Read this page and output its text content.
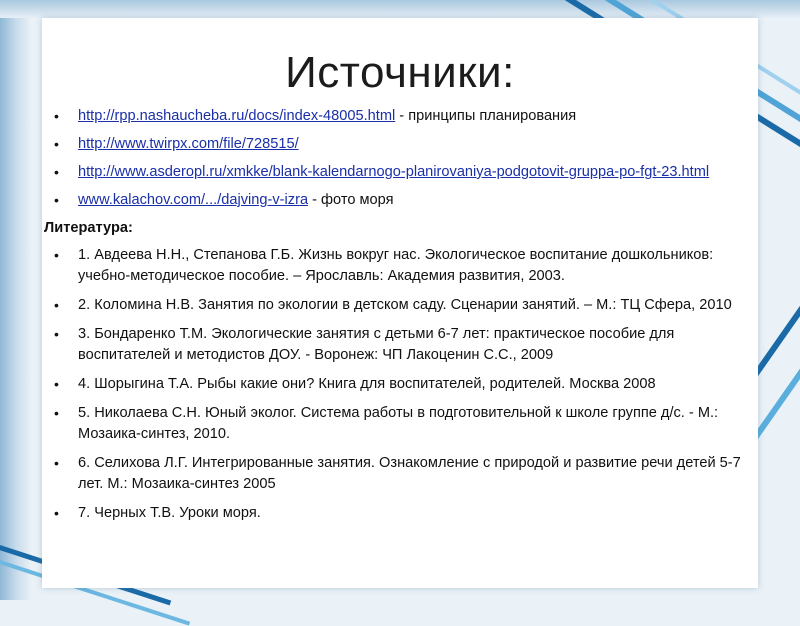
Источники:
• http://rpp.nashaucheba.ru/docs/index-48005.html - принципы планирования
• http://www.twirpx.com/file/728515/
• http://www.asderopl.ru/xmkke/blank-kalendarnogo-planirovaniya-podgotovit-gruppa-po-fgt-23.html
• www.kalachov.com/.../dajving-v-izra - фото моря
Литература:
• 1. Авдеева Н.Н., Степанова Г.Б. Жизнь вокруг нас. Экологическое воспитание дошкольников: учебно-методическое пособие. – Ярославль: Академия развития, 2003.
• 2. Коломина Н.В. Занятия по экологии в детском саду. Сценарии занятий. – М.: ТЦ Сфера, 2010
• 3. Бондаренко Т.М. Экологические занятия с детьми 6-7 лет: практическое пособие для воспитателей и методистов ДОУ. - Воронеж: ЧП Лакоценин С.С., 2009
• 4. Шорыгина Т.А. Рыбы какие они? Книга для воспитателей, родителей. Москва 2008
• 5. Николаева С.Н. Юный эколог. Система работы в подготовительной к школе группе д/с. - М.: Мозаика-синтез, 2010.
• 6. Селихова Л.Г. Интегрированные занятия. Ознакомление с природой и развитие речи детей 5-7 лет. М.: Мозаика-синтез 2005
• 7. Черных Т.В. Уроки моря.
